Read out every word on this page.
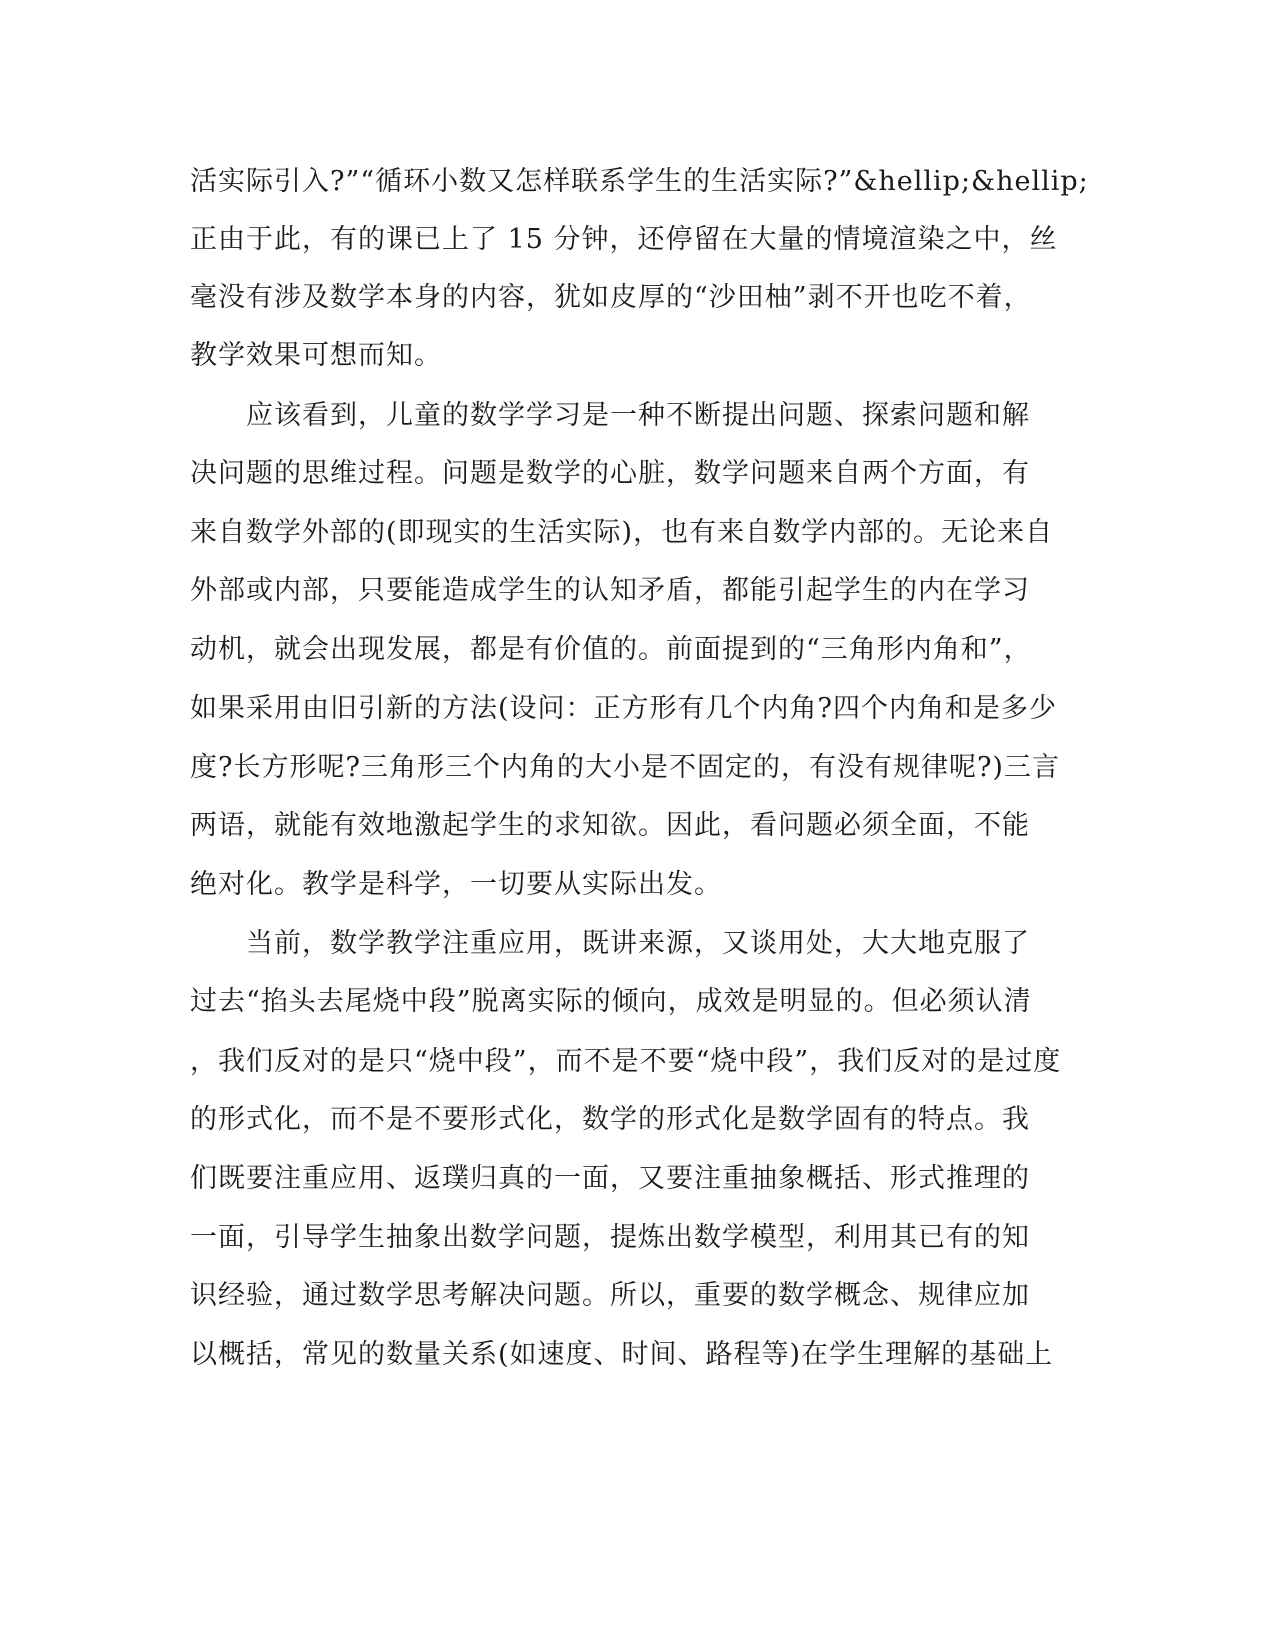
活实际引入?”“循环小数又怎样联系学生的生活实际?”&hellip;&hellip;
正由于此，有的课已上了 15 分钟，还停留在大量的情境渲染之中，丝
毫没有涉及数学本身的内容，犹如皮厚的“沙田柚”剥不开也吃不着，
教学效果可想而知。
　　应该看到，儿童的数学学习是一种不断提出问题、探索问题和解
决问题的思维过程。问题是数学的心脏，数学问题来自两个方面，有
来自数学外部的(即现实的生活实际)，也有来自数学内部的。无论来自
外部或内部，只要能造成学生的认知矛盾，都能引起学生的内在学习
动机，就会出现发展，都是有价值的。前面提到的“三角形内角和”，
如果采用由旧引新的方法(设问：正方形有几个内角?四个内角和是多少
度?长方形呢?三角形三个内角的大小是不固定的，有没有规律呢?)三言
两语，就能有效地激起学生的求知欲。因此，看问题必须全面，不能
绝对化。教学是科学，一切要从实际出发。
　　当前，数学教学注重应用，既讲来源，又谈用处，大大地克服了
过去“掐头去尾烧中段”脱离实际的倾向，成效是明显的。但必须认清
，我们反对的是只“烧中段”，而不是不要“烧中段”，我们反对的是过度
的形式化，而不是不要形式化，数学的形式化是数学固有的特点。我
们既要注重应用、返璞归真的一面，又要注重抽象概括、形式推理的
一面，引导学生抽象出数学问题，提炼出数学模型，利用其已有的知
识经验，通过数学思考解决问题。所以，重要的数学概念、规律应加
以概括，常见的数量关系(如速度、时间、路程等)在学生理解的基础上
